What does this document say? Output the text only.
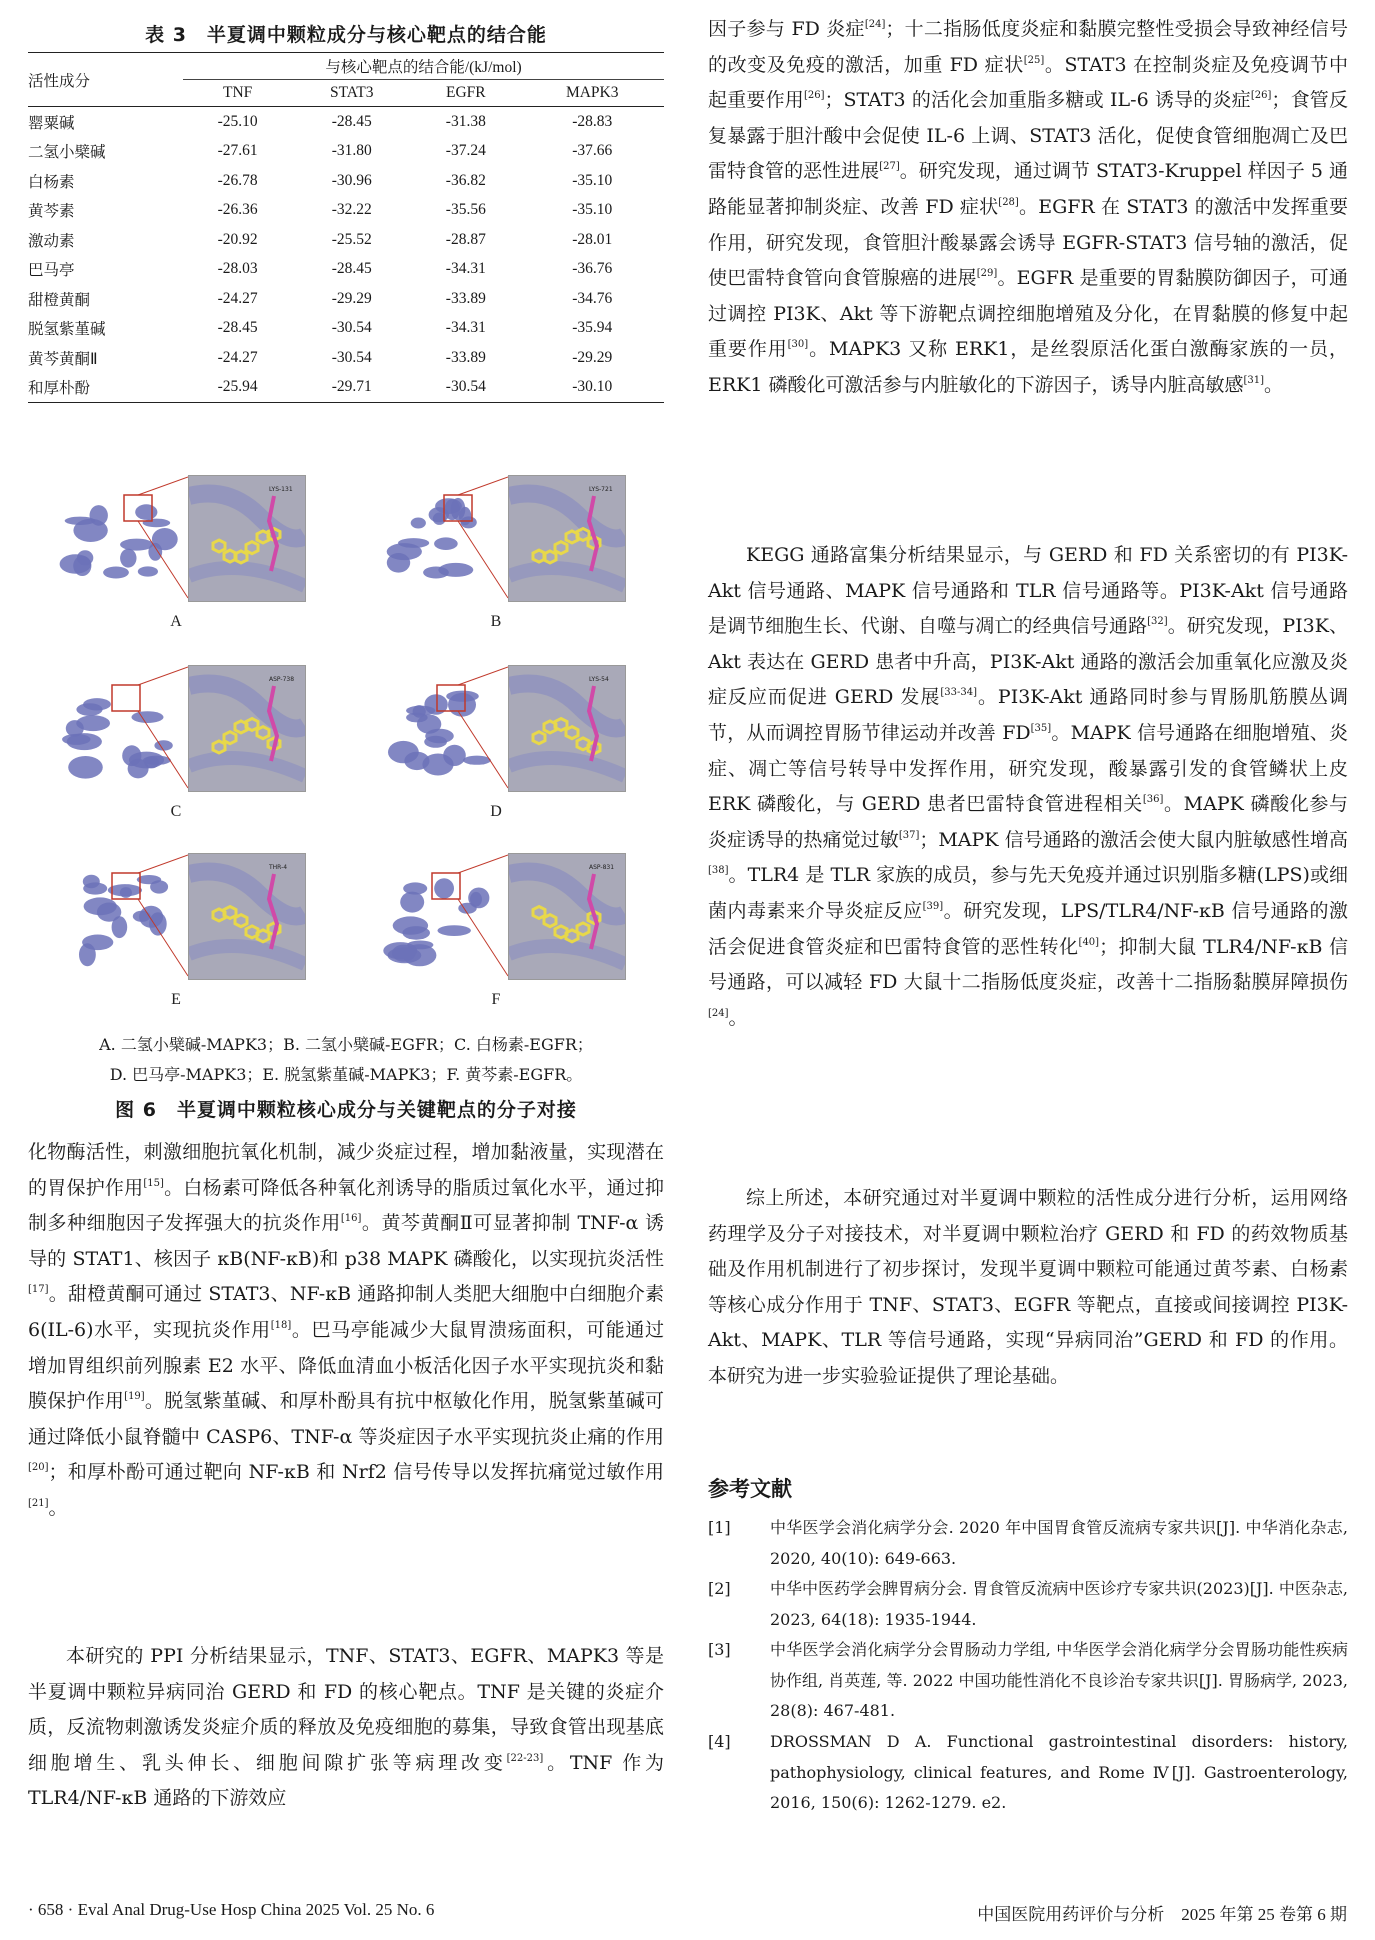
表 3　半夏调中颗粒成分与核心靶点的结合能
活性成分	与核心靶点的结合能/(kJ/mol)			
	TNF	STAT3	EGFR	MAPK3
罂粟碱	-25.10	-28.45	-31.38	-28.83
二氢小檗碱	-27.61	-31.80	-37.24	-37.66
白杨素	-26.78	-30.96	-36.82	-35.10
黄芩素	-26.36	-32.22	-35.56	-35.10
激动素	-20.92	-25.52	-28.87	-28.01
巴马亭	-28.03	-28.45	-34.31	-36.76
甜橙黄酮	-24.27	-29.29	-33.89	-34.76
脱氢紫堇碱	-28.45	-30.54	-34.31	-35.94
黄芩黄酮Ⅱ	-24.27	-30.54	-33.89	-29.29
和厚朴酚	-25.94	-29.71	-30.54	-30.10
LYS-131
A
LYS-721
B
ASP-738
C
LYS-54
D
THR-4
E
ASP-831
F
A. 二氢小檗碱-MAPK3；B. 二氢小檗碱-EGFR；C. 白杨素-EGFR；
D. 巴马亭-MAPK3；E. 脱氢紫堇碱-MAPK3；F. 黄芩素-EGFR。
图 6　半夏调中颗粒核心成分与关键靶点的分子对接

化物酶活性，刺激细胞抗氧化机制，减少炎症过程，增加黏液量，实现潜在的胃保护作用[15]。白杨素可降低各种氧化剂诱导的脂质过氧化水平，通过抑制多种细胞因子发挥强大的抗炎作用[16]。黄芩黄酮Ⅱ可显著抑制 TNF-α 诱导的 STAT1、核因子 κB(NF-κB)和 p38 MAPK 磷酸化，以实现抗炎活性[17]。甜橙黄酮可通过 STAT3、NF-κB 通路抑制人类肥大细胞中白细胞介素 6(IL-6)水平，实现抗炎作用[18]。巴马亭能减少大鼠胃溃疡面积，可能通过增加胃组织前列腺素 E2 水平、降低血清血小板活化因子水平实现抗炎和黏膜保护作用[19]。脱氢紫堇碱、和厚朴酚具有抗中枢敏化作用，脱氢紫堇碱可通过降低小鼠脊髓中 CASP6、TNF-α 等炎症因子水平实现抗炎止痛的作用[20]；和厚朴酚可通过靶向 NF-κB 和 Nrf2 信号传导以发挥抗痛觉过敏作用[21]。

本研究的 PPI 分析结果显示，TNF、STAT3、EGFR、MAPK3 等是半夏调中颗粒异病同治 GERD 和 FD 的核心靶点。TNF 是关键的炎症介质，反流物刺激诱发炎症介质的释放及免疫细胞的募集，导致食管出现基底细胞增生、乳头伸长、细胞间隙扩张等病理改变[22-23]。TNF 作为 TLR4/NF-κB 通路的下游效应

因子参与 FD 炎症[24]；十二指肠低度炎症和黏膜完整性受损会导致神经信号的改变及免疫的激活，加重 FD 症状[25]。STAT3 在控制炎症及免疫调节中起重要作用[26]；STAT3 的活化会加重脂多糖或 IL-6 诱导的炎症[26]；食管反复暴露于胆汁酸中会促使 IL-6 上调、STAT3 活化，促使食管细胞凋亡及巴雷特食管的恶性进展[27]。研究发现，通过调节 STAT3-Kruppel 样因子 5 通路能显著抑制炎症、改善 FD 症状[28]。EGFR 在 STAT3 的激活中发挥重要作用，研究发现，食管胆汁酸暴露会诱导 EGFR-STAT3 信号轴的激活，促使巴雷特食管向食管腺癌的进展[29]。EGFR 是重要的胃黏膜防御因子，可通过调控 PI3K、Akt 等下游靶点调控细胞增殖及分化，在胃黏膜的修复中起重要作用[30]。MAPK3 又称 ERK1，是丝裂原活化蛋白激酶家族的一员，ERK1 磷酸化可激活参与内脏敏化的下游因子，诱导内脏高敏感[31]。

KEGG 通路富集分析结果显示，与 GERD 和 FD 关系密切的有 PI3K-Akt 信号通路、MAPK 信号通路和 TLR 信号通路等。PI3K-Akt 信号通路是调节细胞生长、代谢、自噬与凋亡的经典信号通路[32]。研究发现，PI3K、Akt 表达在 GERD 患者中升高，PI3K-Akt 通路的激活会加重氧化应激及炎症反应而促进 GERD 发展[33-34]。PI3K-Akt 通路同时参与胃肠肌筋膜丛调节，从而调控胃肠节律运动并改善 FD[35]。MAPK 信号通路在细胞增殖、炎症、凋亡等信号转导中发挥作用，研究发现，酸暴露引发的食管鳞状上皮 ERK 磷酸化，与 GERD 患者巴雷特食管进程相关[36]。MAPK 磷酸化参与炎症诱导的热痛觉过敏[37]；MAPK 信号通路的激活会使大鼠内脏敏感性增高[38]。TLR4 是 TLR 家族的成员，参与先天免疫并通过识别脂多糖(LPS)或细菌内毒素来介导炎症反应[39]。研究发现，LPS/TLR4/NF-κB 信号通路的激活会促进食管炎症和巴雷特食管的恶性转化[40]；抑制大鼠 TLR4/NF-κB 信号通路，可以减轻 FD 大鼠十二指肠低度炎症，改善十二指肠黏膜屏障损伤[24]。

综上所述，本研究通过对半夏调中颗粒的活性成分进行分析，运用网络药理学及分子对接技术，对半夏调中颗粒治疗 GERD 和 FD 的药效物质基础及作用机制进行了初步探讨，发现半夏调中颗粒可能通过黄芩素、白杨素等核心成分作用于 TNF、STAT3、EGFR 等靶点，直接或间接调控 PI3K-Akt、MAPK、TLR 等信号通路，实现“异病同治”GERD 和 FD 的作用。本研究为进一步实验验证提供了理论基础。

参考文献
[1]	中华医学会消化病学分会. 2020 年中国胃食管反流病专家共识[J]. 中华消化杂志, 2020, 40(10): 649-663.
[2]	中华中医药学会脾胃病分会. 胃食管反流病中医诊疗专家共识(2023)[J]. 中医杂志, 2023, 64(18): 1935-1944.
[3]	中华医学会消化病学分会胃肠动力学组, 中华医学会消化病学分会胃肠功能性疾病协作组, 肖英莲, 等. 2022 中国功能性消化不良诊治专家共识[J]. 胃肠病学, 2023, 28(8): 467-481.
[4]	DROSSMAN D A. Functional gastrointestinal disorders: history, pathophysiology, clinical features, and Rome Ⅳ[J]. Gastroenterology, 2016, 150(6): 1262-1279. e2.
· 658 · Eval Anal Drug-Use Hosp China 2025 Vol. 25 No. 6	中国医院用药评价与分析　2025 年第 25 卷第 6 期
